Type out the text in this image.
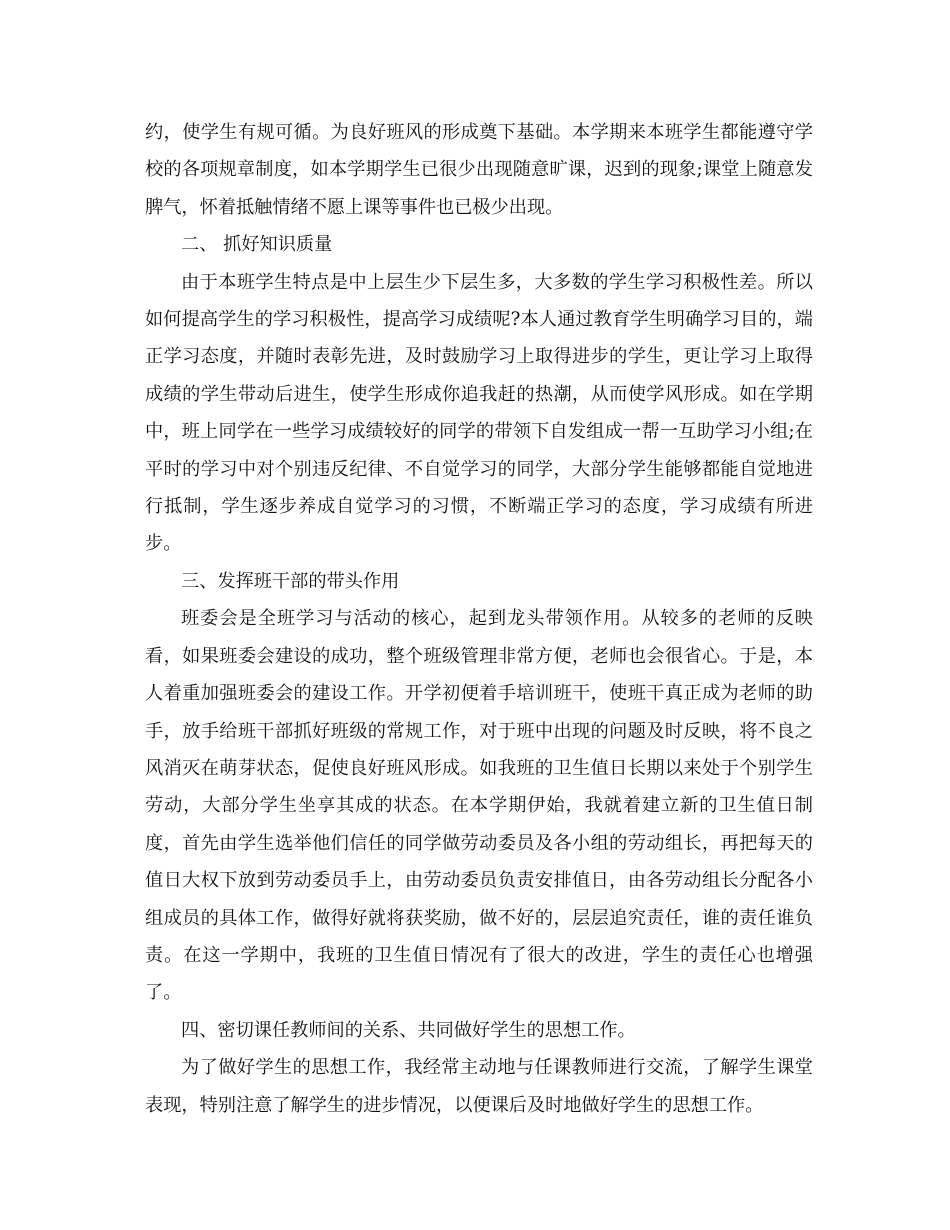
约，使学生有规可循。为良好班风的形成奠下基础。本学期来本班学生都能遵守学校的各项规章制度，如本学期学生已很少出现随意旷课，迟到的现象;课堂上随意发脾气，怀着抵触情绪不愿上课等事件也已极少出现。

二、 抓好知识质量

由于本班学生特点是中上层生少下层生多，大多数的学生学习积极性差。所以如何提高学生的学习积极性，提高学习成绩呢?本人通过教育学生明确学习目的，端正学习态度，并随时表彰先进，及时鼓励学习上取得进步的学生，更让学习上取得成绩的学生带动后进生，使学生形成你追我赶的热潮，从而使学风形成。如在学期中，班上同学在一些学习成绩较好的同学的带领下自发组成一帮一互助学习小组;在平时的学习中对个别违反纪律、不自觉学习的同学，大部分学生能够都能自觉地进行抵制，学生逐步养成自觉学习的习惯，不断端正学习的态度，学习成绩有所进步。

三、发挥班干部的带头作用

班委会是全班学习与活动的核心，起到龙头带领作用。从较多的老师的反映看，如果班委会建设的成功，整个班级管理非常方便，老师也会很省心。于是，本人着重加强班委会的建设工作。开学初便着手培训班干，使班干真正成为老师的助手，放手给班干部抓好班级的常规工作，对于班中出现的问题及时反映，将不良之风消灭在萌芽状态，促使良好班风形成。如我班的卫生值日长期以来处于个别学生劳动，大部分学生坐享其成的状态。在本学期伊始，我就着建立新的卫生值日制度，首先由学生选举他们信任的同学做劳动委员及各小组的劳动组长，再把每天的值日大权下放到劳动委员手上，由劳动委员负责安排值日，由各劳动组长分配各小组成员的具体工作，做得好就将获奖励，做不好的，层层追究责任，谁的责任谁负责。在这一学期中，我班的卫生值日情况有了很大的改进，学生的责任心也增强了。

四、密切课任教师间的关系、共同做好学生的思想工作。

为了做好学生的思想工作，我经常主动地与任课教师进行交流，了解学生课堂表现，特别注意了解学生的进步情况，以便课后及时地做好学生的思想工作。
